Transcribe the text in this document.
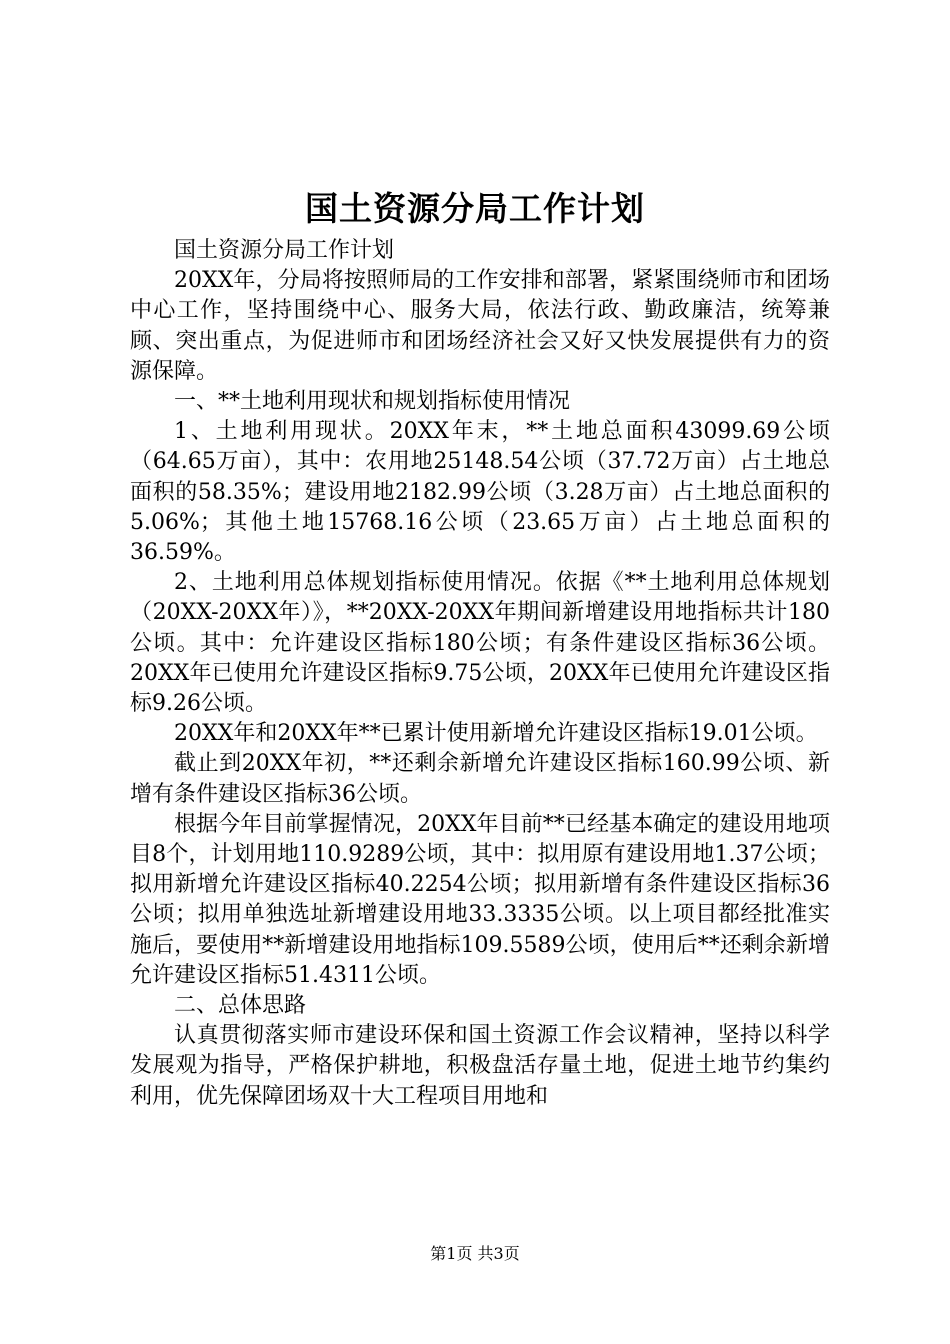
国土资源分局工作计划

国土资源分局工作计划

20XX年，分局将按照师局的工作安排和部署，紧紧围绕师市和团场中心工作，坚持围绕中心、服务大局，依法行政、勤政廉洁，统筹兼顾、突出重点，为促进师市和团场经济社会又好又快发展提供有力的资源保障。

一、**土地利用现状和规划指标使用情况

1、土地利用现状。20XX年末，**土地总面积43099.69公顷（64.65万亩），其中：农用地25148.54公顷（37.72万亩）占土地总面积的58.35%；建设用地2182.99公顷（3.28万亩）占土地总面积的5.06%；其他土地15768.16公顷（23.65万亩）占土地总面积的36.59%。

2、土地利用总体规划指标使用情况。依据《**土地利用总体规划（20XX-20XX年）》，**20XX-20XX年期间新增建设用地指标共计180公顷。其中：允许建设区指标180公顷；有条件建设区指标36公顷。20XX年已使用允许建设区指标9.75公顷，20XX年已使用允许建设区指标9.26公顷。

20XX年和20XX年**已累计使用新增允许建设区指标19.01公顷。

截止到20XX年初，**还剩余新增允许建设区指标160.99公顷、新增有条件建设区指标36公顷。

根据今年目前掌握情况，20XX年目前**已经基本确定的建设用地项目8个，计划用地110.9289公顷，其中：拟用原有建设用地1.37公顷；拟用新增允许建设区指标40.2254公顷；拟用新增有条件建设区指标36公顷；拟用单独选址新增建设用地33.3335公顷。以上项目都经批准实施后，要使用**新增建设用地指标109.5589公顷，使用后**还剩余新增允许建设区指标51.4311公顷。

二、总体思路

认真贯彻落实师市建设环保和国土资源工作会议精神，坚持以科学发展观为指导，严格保护耕地，积极盘活存量土地，促进土地节约集约利用，优先保障团场双十大工程项目用地和

第1页 共3页
